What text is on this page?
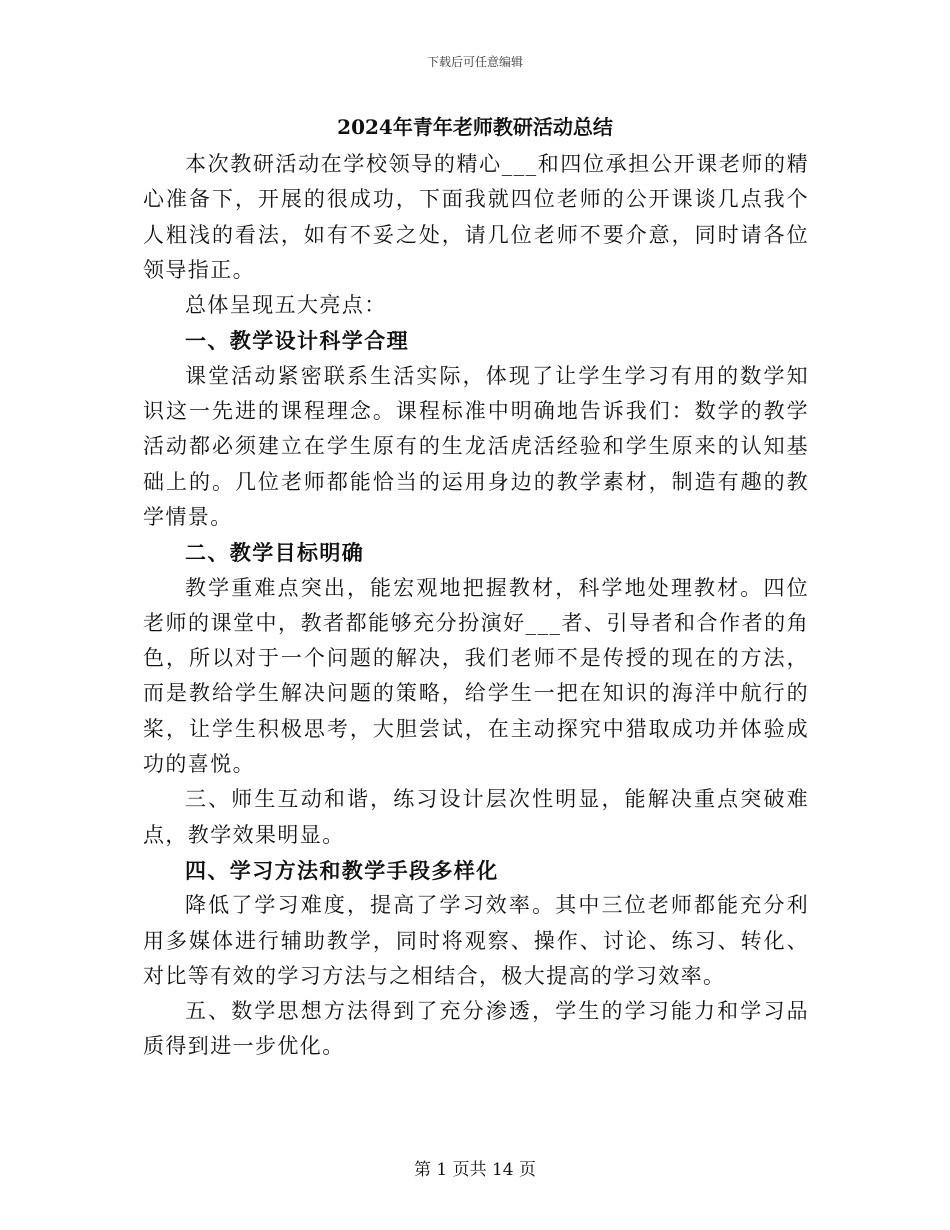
下载后可任意编辑
2024年青年老师教研活动总结

本次教研活动在学校领导的精心___和四位承担公开课老师的精心准备下，开展的很成功，下面我就四位老师的公开课谈几点我个人粗浅的看法，如有不妥之处，请几位老师不要介意，同时请各位领导指正。

总体呈现五大亮点：

一、教学设计科学合理

课堂活动紧密联系生活实际，体现了让学生学习有用的数学知识这一先进的课程理念。课程标准中明确地告诉我们：数学的教学活动都必须建立在学生原有的生龙活虎活经验和学生原来的认知基础上的。几位老师都能恰当的运用身边的教学素材，制造有趣的教学情景。

二、教学目标明确

教学重难点突出，能宏观地把握教材，科学地处理教材。四位老师的课堂中，教者都能够充分扮演好___者、引导者和合作者的角色，所以对于一个问题的解决，我们老师不是传授的现在的方法，而是教给学生解决问题的策略，给学生一把在知识的海洋中航行的桨，让学生积极思考，大胆尝试，在主动探究中猎取成功并体验成功的喜悦。

三、师生互动和谐，练习设计层次性明显，能解决重点突破难点，教学效果明显。

四、学习方法和教学手段多样化

降低了学习难度，提高了学习效率。其中三位老师都能充分利用多媒体进行辅助教学，同时将观察、操作、讨论、练习、转化、对比等有效的学习方法与之相结合，极大提高的学习效率。

五、数学思想方法得到了充分渗透，学生的学习能力和学习品质得到进一步优化。

第 1 页共 14 页
